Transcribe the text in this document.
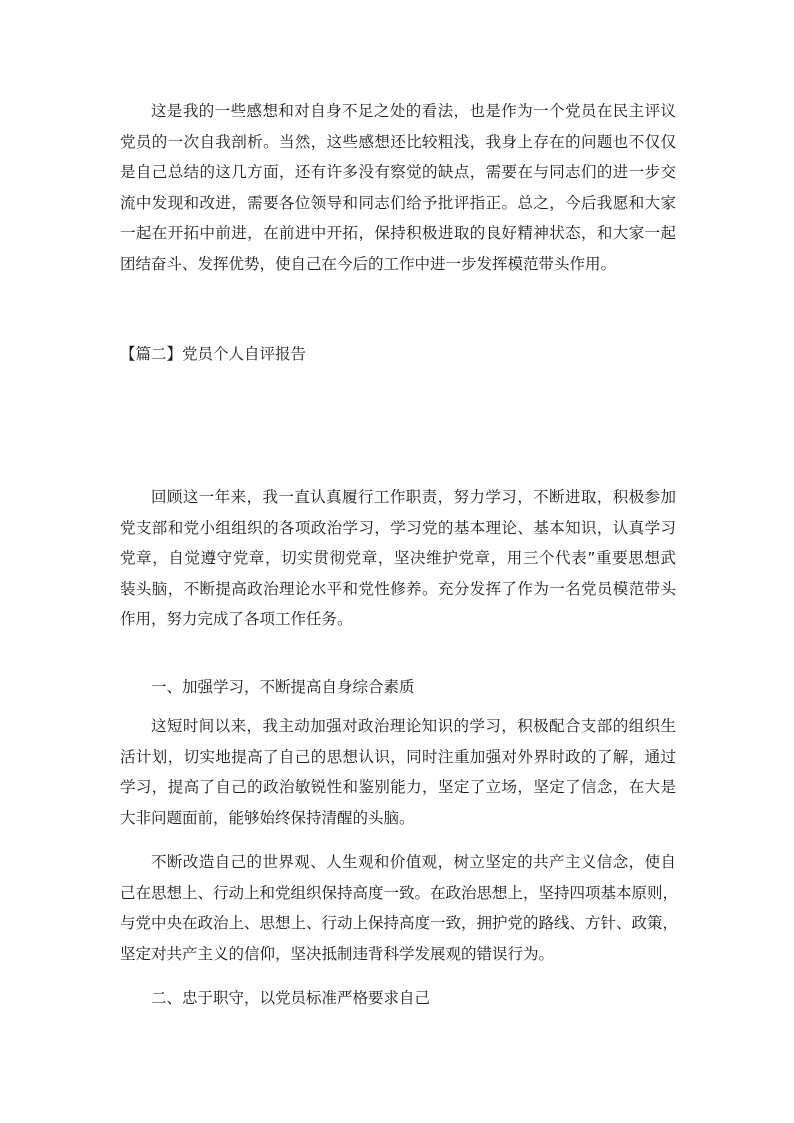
这是我的一些感想和对自身不足之处的看法，也是作为一个党员在民主评议
党员的一次自我剖析。当然，这些感想还比较粗浅，我身上存在的问题也不仅仅
是自己总结的这几方面，还有许多没有察觉的缺点，需要在与同志们的进一步交
流中发现和改进，需要各位领导和同志们给予批评指正。总之，今后我愿和大家
一起在开拓中前进，在前进中开拓，保持积极进取的良好精神状态，和大家一起
团结奋斗、发挥优势，使自己在今后的工作中进一步发挥模范带头作用。
【篇二】党员个人自评报告
回顾这一年来，我一直认真履行工作职责，努力学习，不断进取，积极参加
党支部和党小组组织的各项政治学习，学习党的基本理论、基本知识，认真学习
党章，自觉遵守党章，切实贯彻党章，坚决维护党章，用三个代表”重要思想武
装头脑，不断提高政治理论水平和党性修养。充分发挥了作为一名党员模范带头
作用，努力完成了各项工作任务。
一、加强学习，不断提高自身综合素质
这短时间以来，我主动加强对政治理论知识的学习，积极配合支部的组织生
活计划，切实地提高了自己的思想认识，同时注重加强对外界时政的了解，通过
学习，提高了自己的政治敏锐性和鉴别能力，坚定了立场，坚定了信念，在大是
大非问题面前，能够始终保持清醒的头脑。
不断改造自己的世界观、人生观和价值观，树立坚定的共产主义信念，使自
己在思想上、行动上和党组织保持高度一致。在政治思想上，坚持四项基本原则，
与党中央在政治上、思想上、行动上保持高度一致，拥护党的路线、方针、政策，
坚定对共产主义的信仰，坚决抵制违背科学发展观的错误行为。
二、忠于职守，以党员标准严格要求自己
